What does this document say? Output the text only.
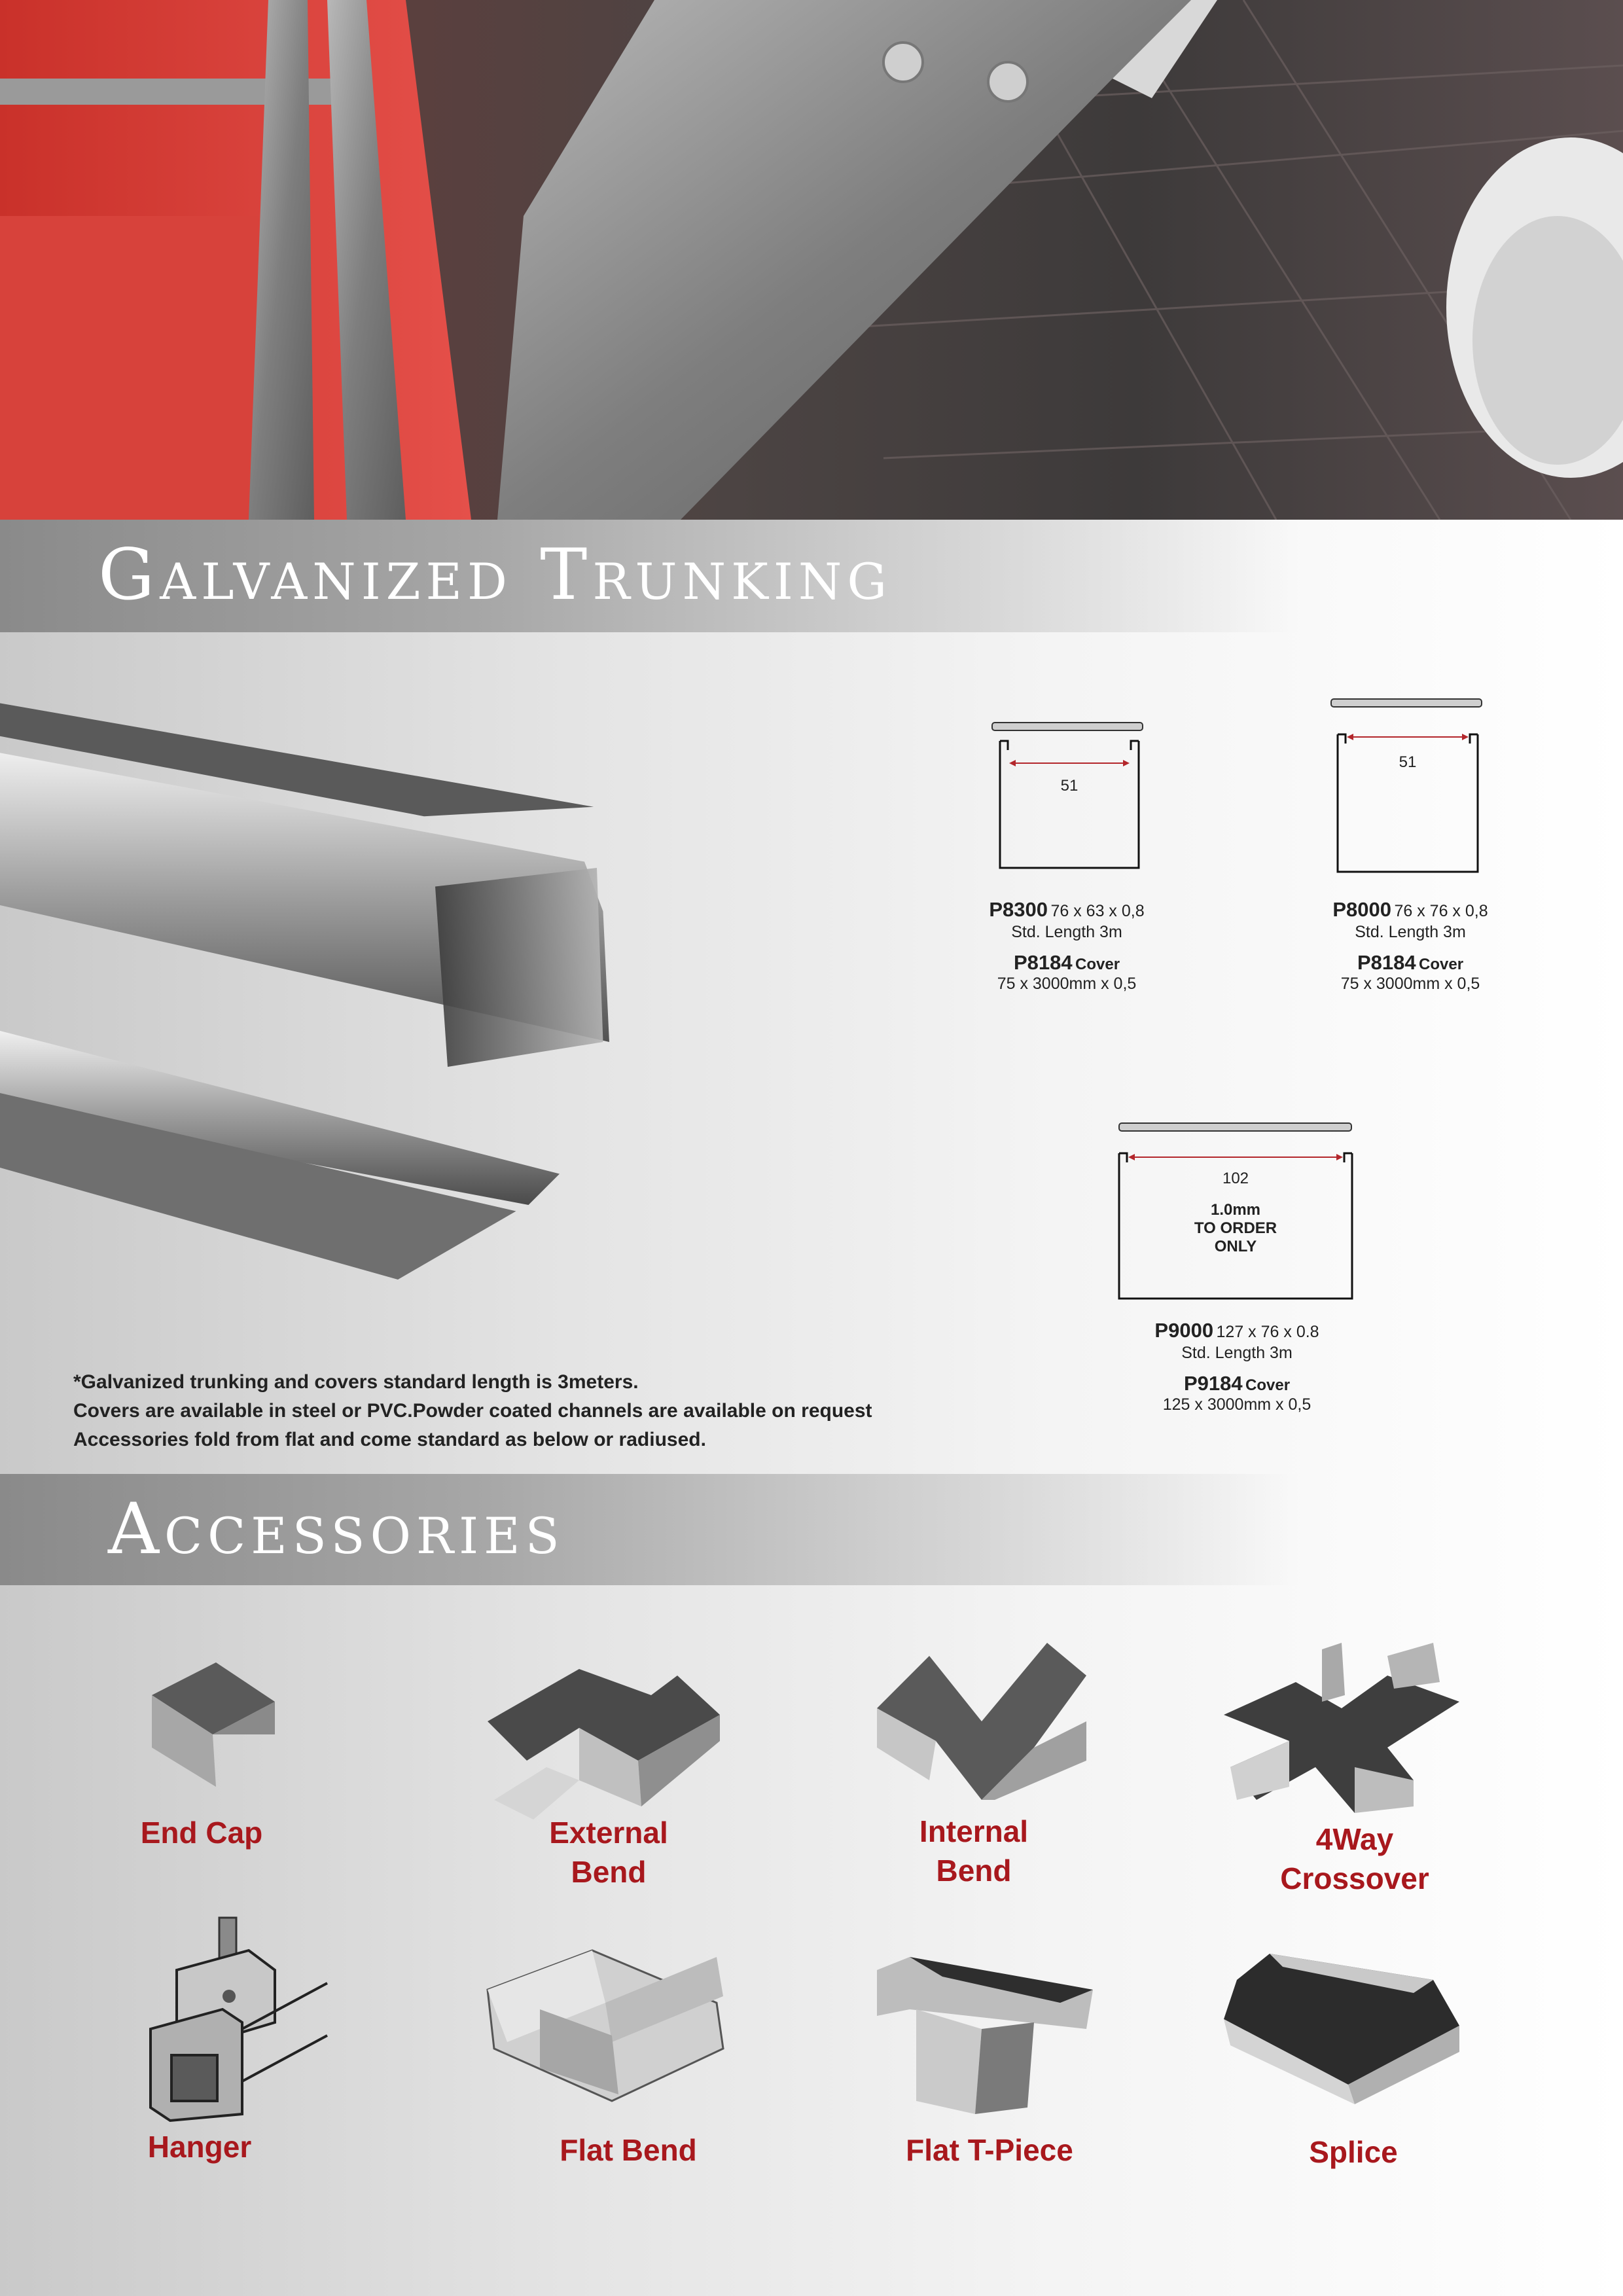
Galvanized Trunking
51
P8300 76 x 63 x 0,8
Std. Length 3m
P8184 Cover
75 x 3000mm x 0,5
51
P8000 76 x 76 x 0,8
Std. Length 3m
P8184 Cover
75 x 3000mm x 0,5
102
1.0mm
TO ORDER
ONLY
P9000 127 x 76 x 0.8
Std. Length 3m
P9184 Cover
125 x 3000mm x 0,5
*Galvanized trunking and covers standard length is 3meters.
Covers are available in steel or PVC.Powder coated channels are available on request
Accessories fold from flat and come standard as below or radiused.
Accessories
End Cap	External
Bend
Internal
Bend
4Way
Crossover
Hanger	Flat Bend	Flat T-Piece	Splice
